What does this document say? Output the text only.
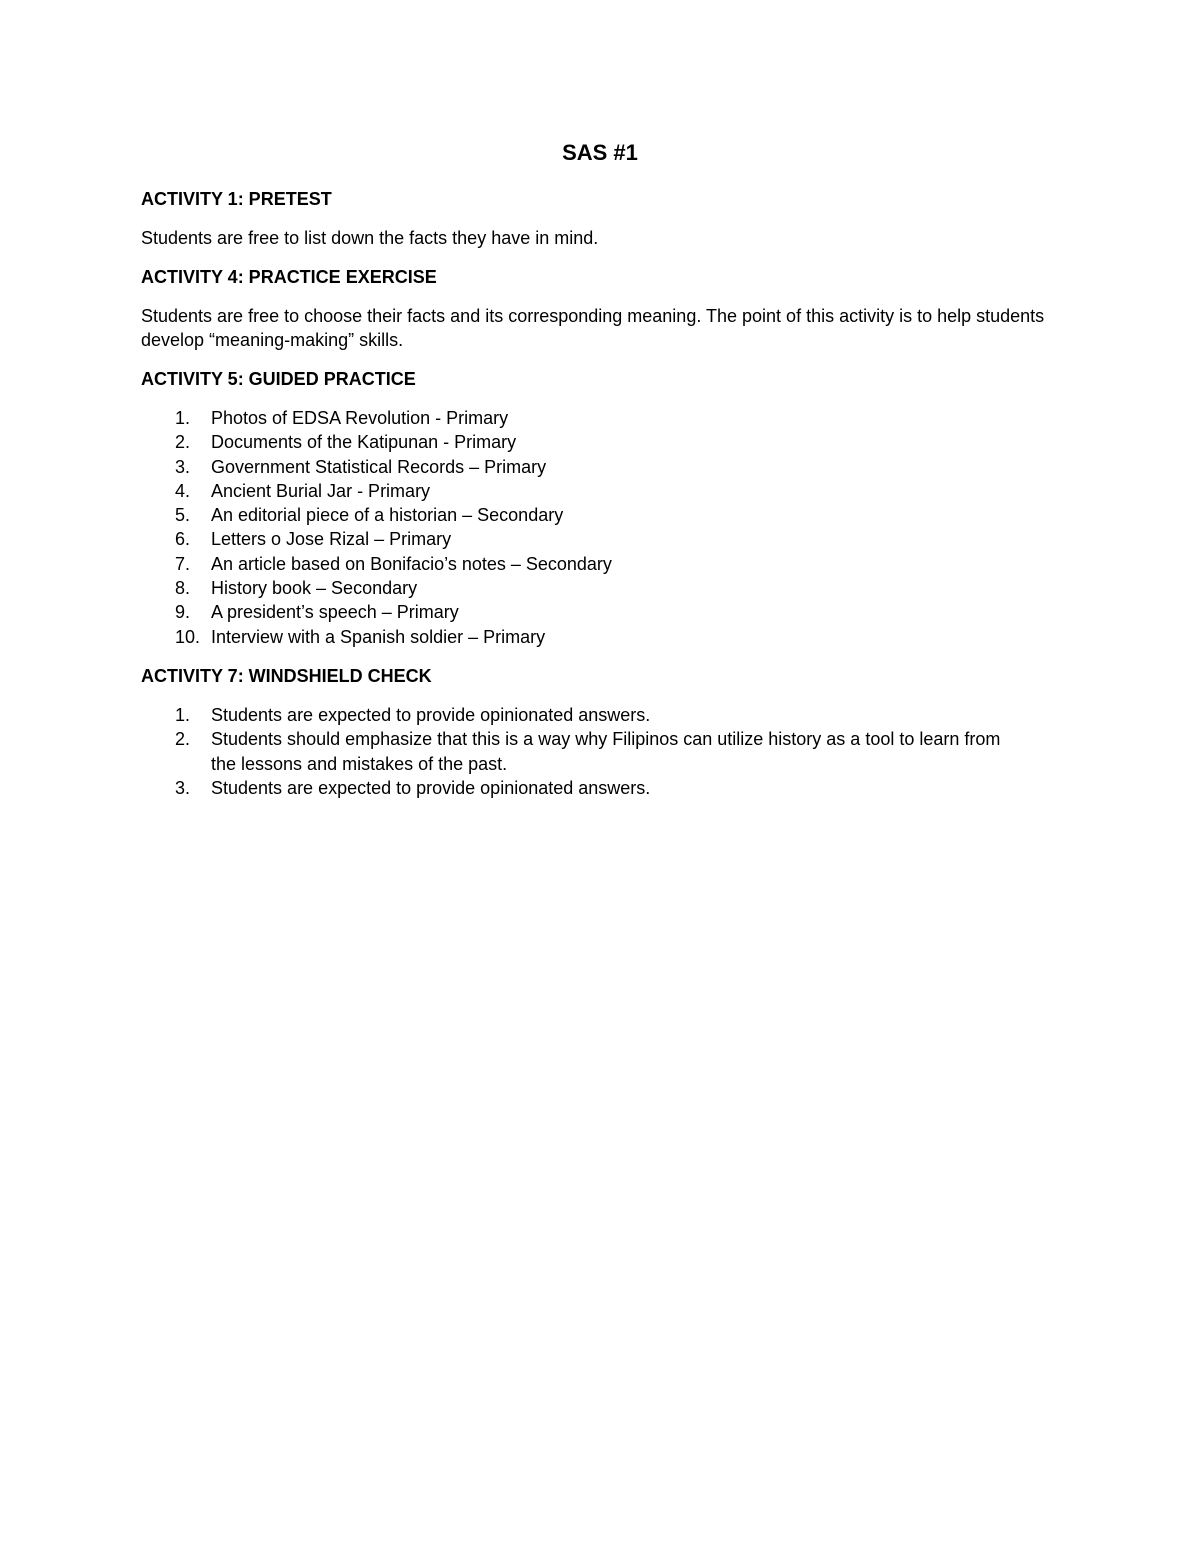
SAS #1

ACTIVITY 1: PRETEST

Students are free to list down the facts they have in mind.

ACTIVITY 4: PRACTICE EXERCISE

Students are free to choose their facts and its corresponding meaning. The point of this activity is to help students develop “meaning-making” skills.

ACTIVITY 5: GUIDED PRACTICE

1. Photos of EDSA Revolution - Primary
2. Documents of the Katipunan - Primary
3. Government Statistical Records – Primary
4. Ancient Burial Jar - Primary
5. An editorial piece of a historian – Secondary
6. Letters o Jose Rizal – Primary
7. An article based on Bonifacio’s notes – Secondary
8. History book – Secondary
9. A president’s speech – Primary
10. Interview with a Spanish soldier – Primary

ACTIVITY 7: WINDSHIELD CHECK

1. Students are expected to provide opinionated answers.
2. Students should emphasize that this is a way why Filipinos can utilize history as a tool to learn from the lessons and mistakes of the past.
3. Students are expected to provide opinionated answers.
